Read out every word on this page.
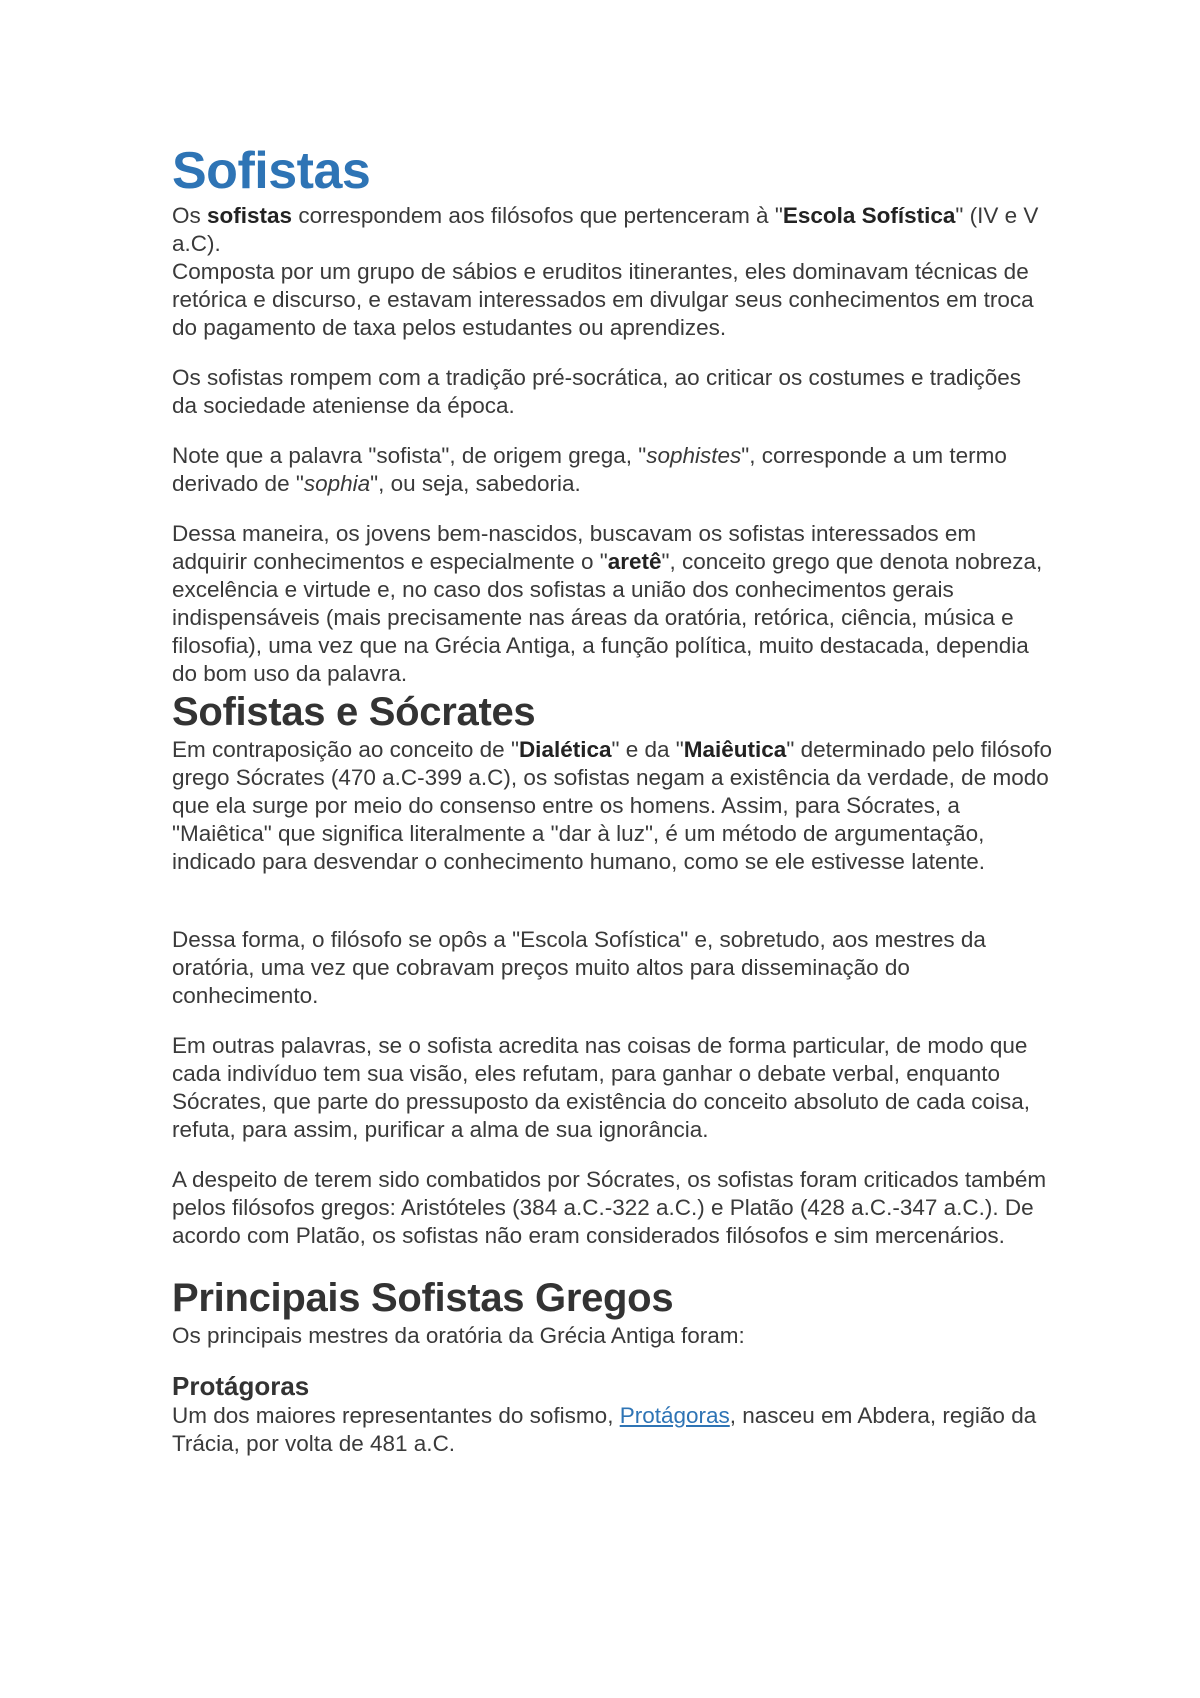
Sofistas

Os sofistas correspondem aos filósofos que pertenceram à "Escola Sofística" (IV e V a.C).

Composta por um grupo de sábios e eruditos itinerantes, eles dominavam técnicas de retórica e discurso, e estavam interessados em divulgar seus conhecimentos em troca do pagamento de taxa pelos estudantes ou aprendizes.

Os sofistas rompem com a tradição pré-socrática, ao criticar os costumes e tradições da sociedade ateniense da época.

Note que a palavra "sofista", de origem grega, "sophistes", corresponde a um termo derivado de "sophia", ou seja, sabedoria.

Dessa maneira, os jovens bem-nascidos, buscavam os sofistas interessados em adquirir conhecimentos e especialmente o "aretê", conceito grego que denota nobreza, excelência e virtude e, no caso dos sofistas a união dos conhecimentos gerais indispensáveis (mais precisamente nas áreas da oratória, retórica, ciência, música e filosofia), uma vez que na Grécia Antiga, a função política, muito destacada, dependia do bom uso da palavra.

Sofistas e Sócrates

Em contraposição ao conceito de "Dialética" e da "Maiêutica" determinado pelo filósofo grego Sócrates (470 a.C-399 a.C), os sofistas negam a existência da verdade, de modo que ela surge por meio do consenso entre os homens. Assim, para Sócrates, a "Maiêtica" que significa literalmente a "dar à luz", é um método de argumentação, indicado para desvendar o conhecimento humano, como se ele estivesse latente.

Dessa forma, o filósofo se opôs a "Escola Sofística" e, sobretudo, aos mestres da oratória, uma vez que cobravam preços muito altos para disseminação do conhecimento.

Em outras palavras, se o sofista acredita nas coisas de forma particular, de modo que cada indivíduo tem sua visão, eles refutam, para ganhar o debate verbal, enquanto Sócrates, que parte do pressuposto da existência do conceito absoluto de cada coisa, refuta, para assim, purificar a alma de sua ignorância.

A despeito de terem sido combatidos por Sócrates, os sofistas foram criticados também pelos filósofos gregos: Aristóteles (384 a.C.-322 a.C.) e Platão (428 a.C.-347 a.C.). De acordo com Platão, os sofistas não eram considerados filósofos e sim mercenários.

Principais Sofistas Gregos

Os principais mestres da oratória da Grécia Antiga foram:

Protágoras

Um dos maiores representantes do sofismo, Protágoras, nasceu em Abdera, região da Trácia, por volta de 481 a.C.
